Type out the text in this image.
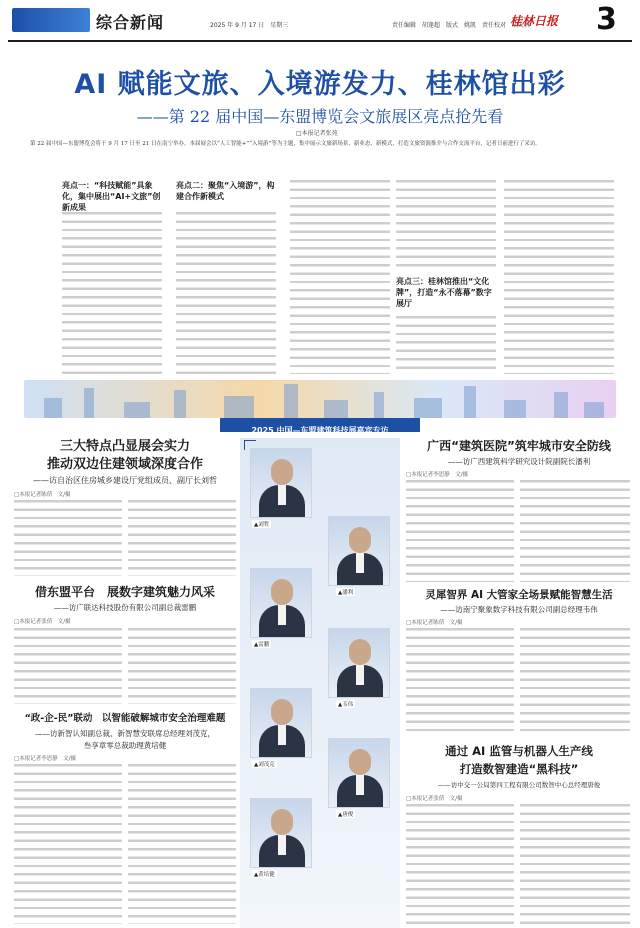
综合新闻	2025 年 9 月 17 日　星期三	责任编辑　胡逢超　版式　姚凯　责任校对　胡天林
桂林日报 3
AI 赋能文旅、入境游发力、桂林馆出彩
——第 22 届中国—东盟博览会文旅展区亮点抢先看
□本报记者张苑
第 22 届中国—东盟博览会将于 9 月 17 日至 21 日在南宁举办。本届展会以“人工智能+”“入境游”等为主题，集中展示文旅新场景、新业态、新模式，打造文旅资源推介与合作交流平台，记者日前进行了采访。
亮点一：“科技赋能”具象化，集中展出“AI+文旅”创新成果
亮点二：聚焦“入境游”，构建合作新模式
亮点三：桂林馆推出“文化牌”，打造“永不落幕”数字展厅
2025 中国—东盟建筑科技展嘉宾专访
三大特点凸显展会实力
推动双边住建领域深度合作
——访自治区住房城乡建设厅党组成员、副厅长刘哲
□本报记者陈倩　文/摄
借东盟平台　展数字建筑魅力风采
——访广联达科技股份有限公司副总裁雷鹏
□本报记者张倩　文/摄
“政-企-民”联动　以智能破解城市安全治理难题
——访新智认知副总裁、新智慧安联席总经理刘茂克，
叁享章零总裁助理黄培健
□本报记者李思静　文/摄
▲刘哲
▲雷鹏
▲潘利
▲刘茂克
▲韦伟
▲唐俊
▲黄培健
广西“建筑医院”筑牢城市安全防线
——访广西建筑科学研究设计院副院长潘利
□本报记者李思静　文/摄
灵犀智界 AI 大管家全场景赋能智慧生活
——访南宁聚象数字科技有限公司副总经理韦伟
□本报记者陈倩　文/摄
通过 AI 监管与机器人生产线
打造数智建造“黑科技”
——访中交一公局第四工程有限公司数智中心总经理唐俊
□本报记者张倩　文/摄
